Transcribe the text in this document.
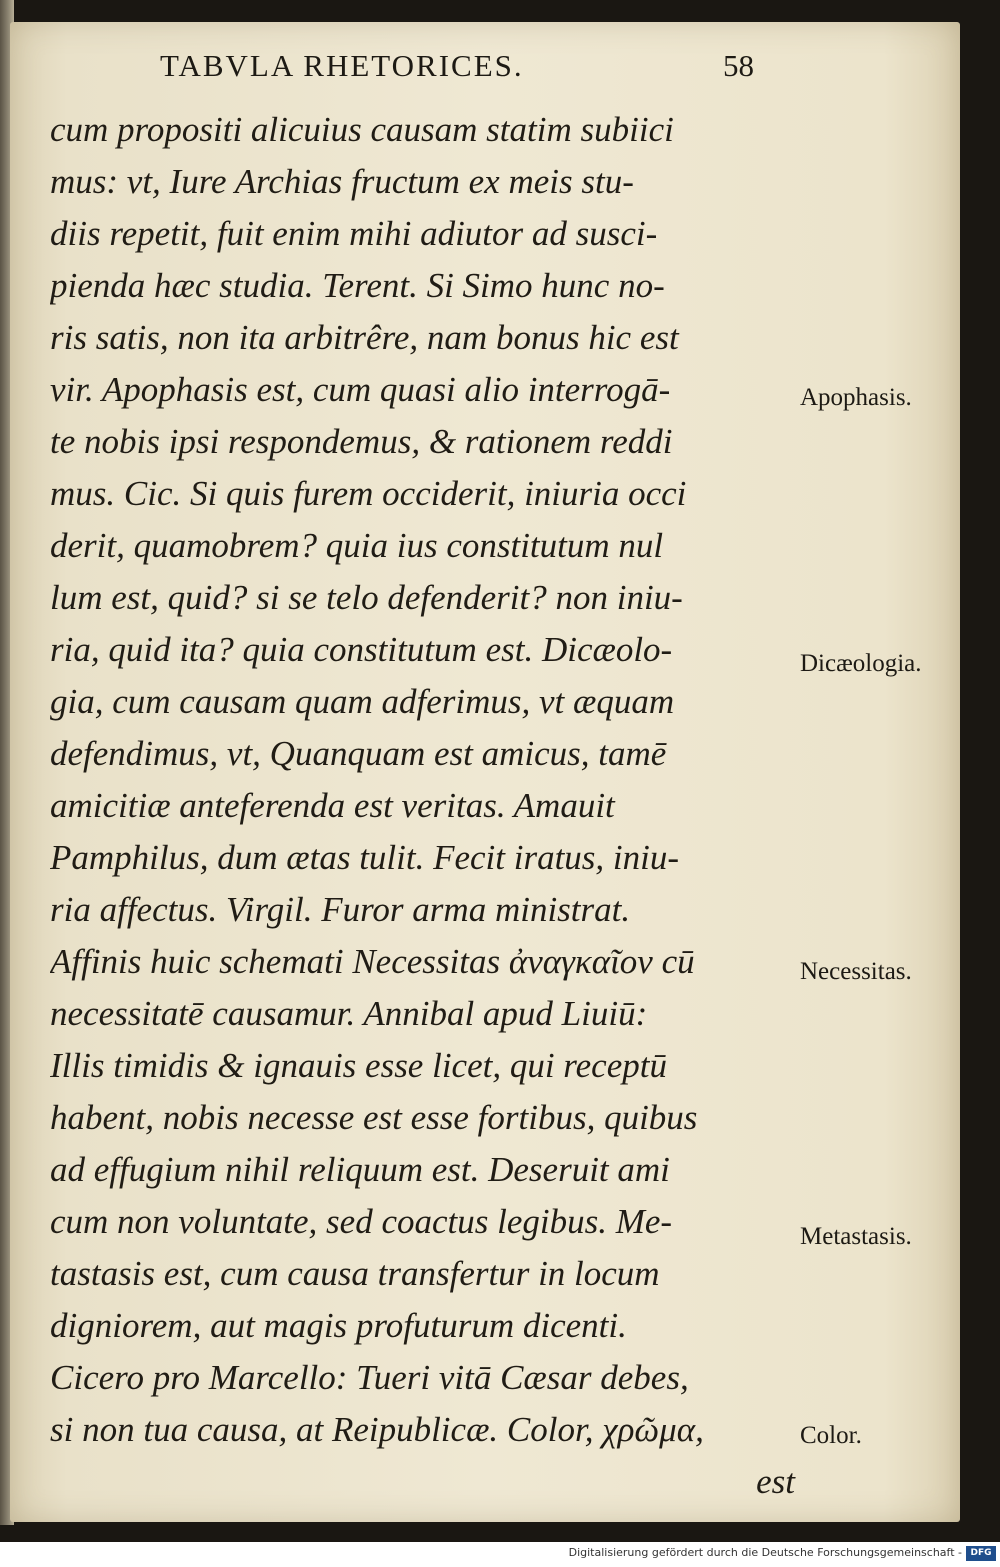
TABVLA RHETORICES.	58
cum propositi alicuius causam statim subiici
mus: vt, Iure Archias fructum ex meis stu-
diis repetit, fuit enim mihi adiutor ad susci-
pienda hæc studia. Terent. Si Simo hunc no-
ris satis, non ita arbitrêre, nam bonus hic est
vir. Apophasis est, cum quasi alio interrogā-
te nobis ipsi respondemus, & rationem reddi
mus. Cic. Si quis furem occiderit, iniuria occi
derit, quamobrem? quia ius constitutum nul
lum est, quid? si se telo defenderit? non iniu-
ria, quid ita? quia constitutum est. Dicæolo-
gia, cum causam quam adferimus, vt æquam
defendimus, vt, Quanquam est amicus, tamē
amicitiæ anteferenda est veritas. Amauit
Pamphilus, dum ætas tulit. Fecit iratus, iniu-
ria affectus. Virgil. Furor arma ministrat.
Affinis huic schemati Necessitas ἀναγκαῖον cū
necessitatē causamur. Annibal apud Liuiū:
Illis timidis & ignauis esse licet, qui receptū
habent, nobis necesse est esse fortibus, quibus
ad effugium nihil reliquum est. Deseruit ami
cum non voluntate, sed coactus legibus. Me-
tastasis est, cum causa transfertur in locum
digniorem, aut magis profuturum dicenti.
Cicero pro Marcello: Tueri vitā Cæsar debes,
si non tua causa, at Reipublicæ. Color, χρῶμα,
est
Apophasis.
Dicæologia.
Necessitas.
Metastasis.
Color.
Digitalisierung gefördert durch die Deutsche Forschungsgemeinschaft - DFG
